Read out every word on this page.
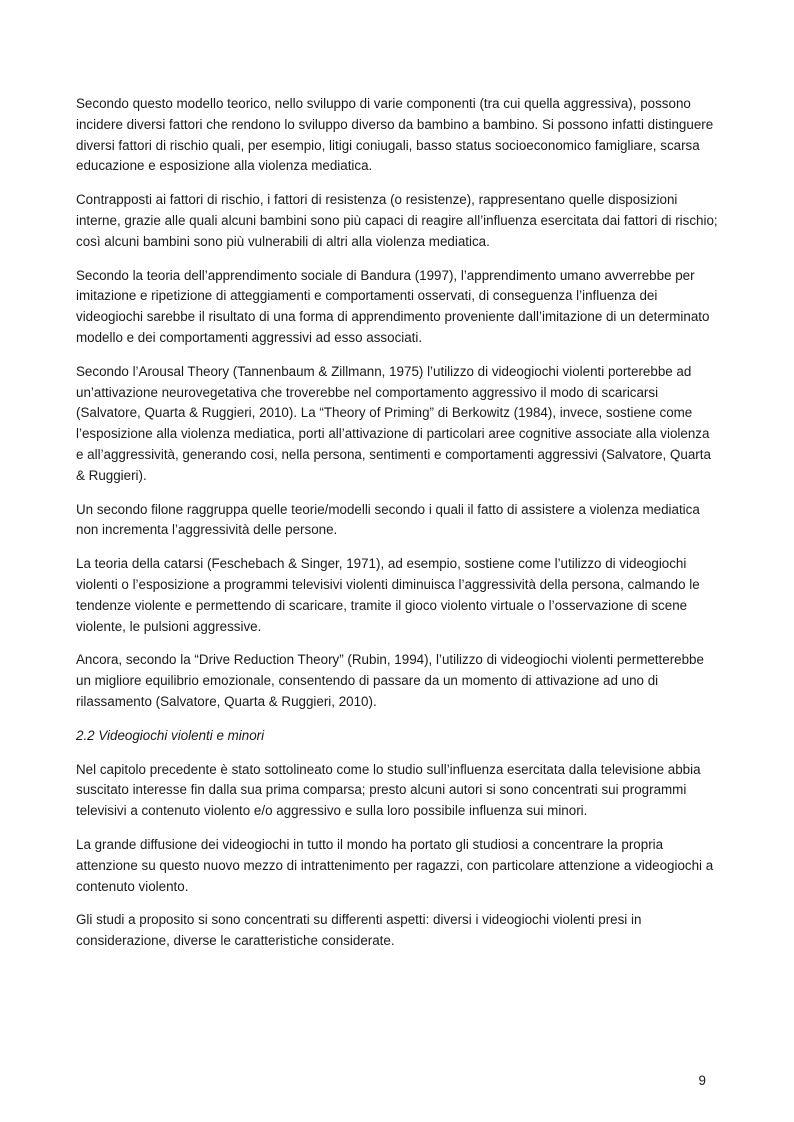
Secondo questo modello teorico, nello sviluppo di varie componenti (tra cui quella aggressiva), possono incidere diversi fattori che rendono lo sviluppo diverso da bambino a bambino. Si possono infatti distinguere diversi fattori di rischio quali, per esempio, litigi coniugali, basso status socioeconomico famigliare, scarsa educazione e esposizione alla violenza mediatica.

Contrapposti ai fattori di rischio, i fattori di resistenza (o resistenze), rappresentano quelle disposizioni interne, grazie alle quali alcuni bambini sono più capaci di reagire all’influenza esercitata dai fattori di rischio; così alcuni bambini sono più vulnerabili di altri alla violenza mediatica.

Secondo la teoria dell’apprendimento sociale di Bandura (1997), l’apprendimento umano avverrebbe per imitazione e ripetizione di atteggiamenti e comportamenti osservati, di conseguenza l’influenza dei videogiochi sarebbe il risultato di una forma di apprendimento proveniente dall’imitazione di un determinato modello e dei comportamenti aggressivi ad esso associati.

Secondo l’Arousal Theory (Tannenbaum & Zillmann, 1975) l’utilizzo di videogiochi violenti porterebbe ad un’attivazione neurovegetativa che troverebbe nel comportamento aggressivo il modo di scaricarsi (Salvatore, Quarta & Ruggieri, 2010). La “Theory of Priming” di Berkowitz (1984), invece, sostiene come l’esposizione alla violenza mediatica, porti all’attivazione di particolari aree cognitive associate alla violenza e all’aggressività, generando cosi, nella persona, sentimenti e comportamenti aggressivi (Salvatore, Quarta & Ruggieri).

Un secondo filone raggruppa quelle teorie/modelli secondo i quali il fatto di assistere a violenza mediatica non incrementa l’aggressività delle persone.

La teoria della catarsi (Feschebach & Singer, 1971), ad esempio, sostiene come l’utilizzo di videogiochi violenti o l’esposizione a programmi televisivi violenti diminuisca l’aggressività della persona, calmando le tendenze violente e permettendo di scaricare, tramite il gioco violento virtuale o l’osservazione di scene violente, le pulsioni aggressive.

Ancora, secondo la “Drive Reduction Theory” (Rubin, 1994), l’utilizzo di videogiochi violenti permetterebbe un migliore equilibrio emozionale, consentendo di passare da un momento di attivazione ad uno di rilassamento (Salvatore, Quarta & Ruggieri, 2010).

2.2 Videogiochi violenti e minori

Nel capitolo precedente è stato sottolineato come lo studio sull’influenza esercitata dalla televisione abbia suscitato interesse fin dalla sua prima comparsa; presto alcuni autori si sono concentrati sui programmi televisivi a contenuto violento e/o aggressivo e sulla loro possibile influenza sui minori.

La grande diffusione dei videogiochi in tutto il mondo ha portato gli studiosi a concentrare la propria attenzione su questo nuovo mezzo di intrattenimento per ragazzi, con particolare attenzione a videogiochi a contenuto violento.

Gli studi a proposito si sono concentrati su differenti aspetti: diversi i videogiochi violenti presi in considerazione, diverse le caratteristiche considerate.

9
